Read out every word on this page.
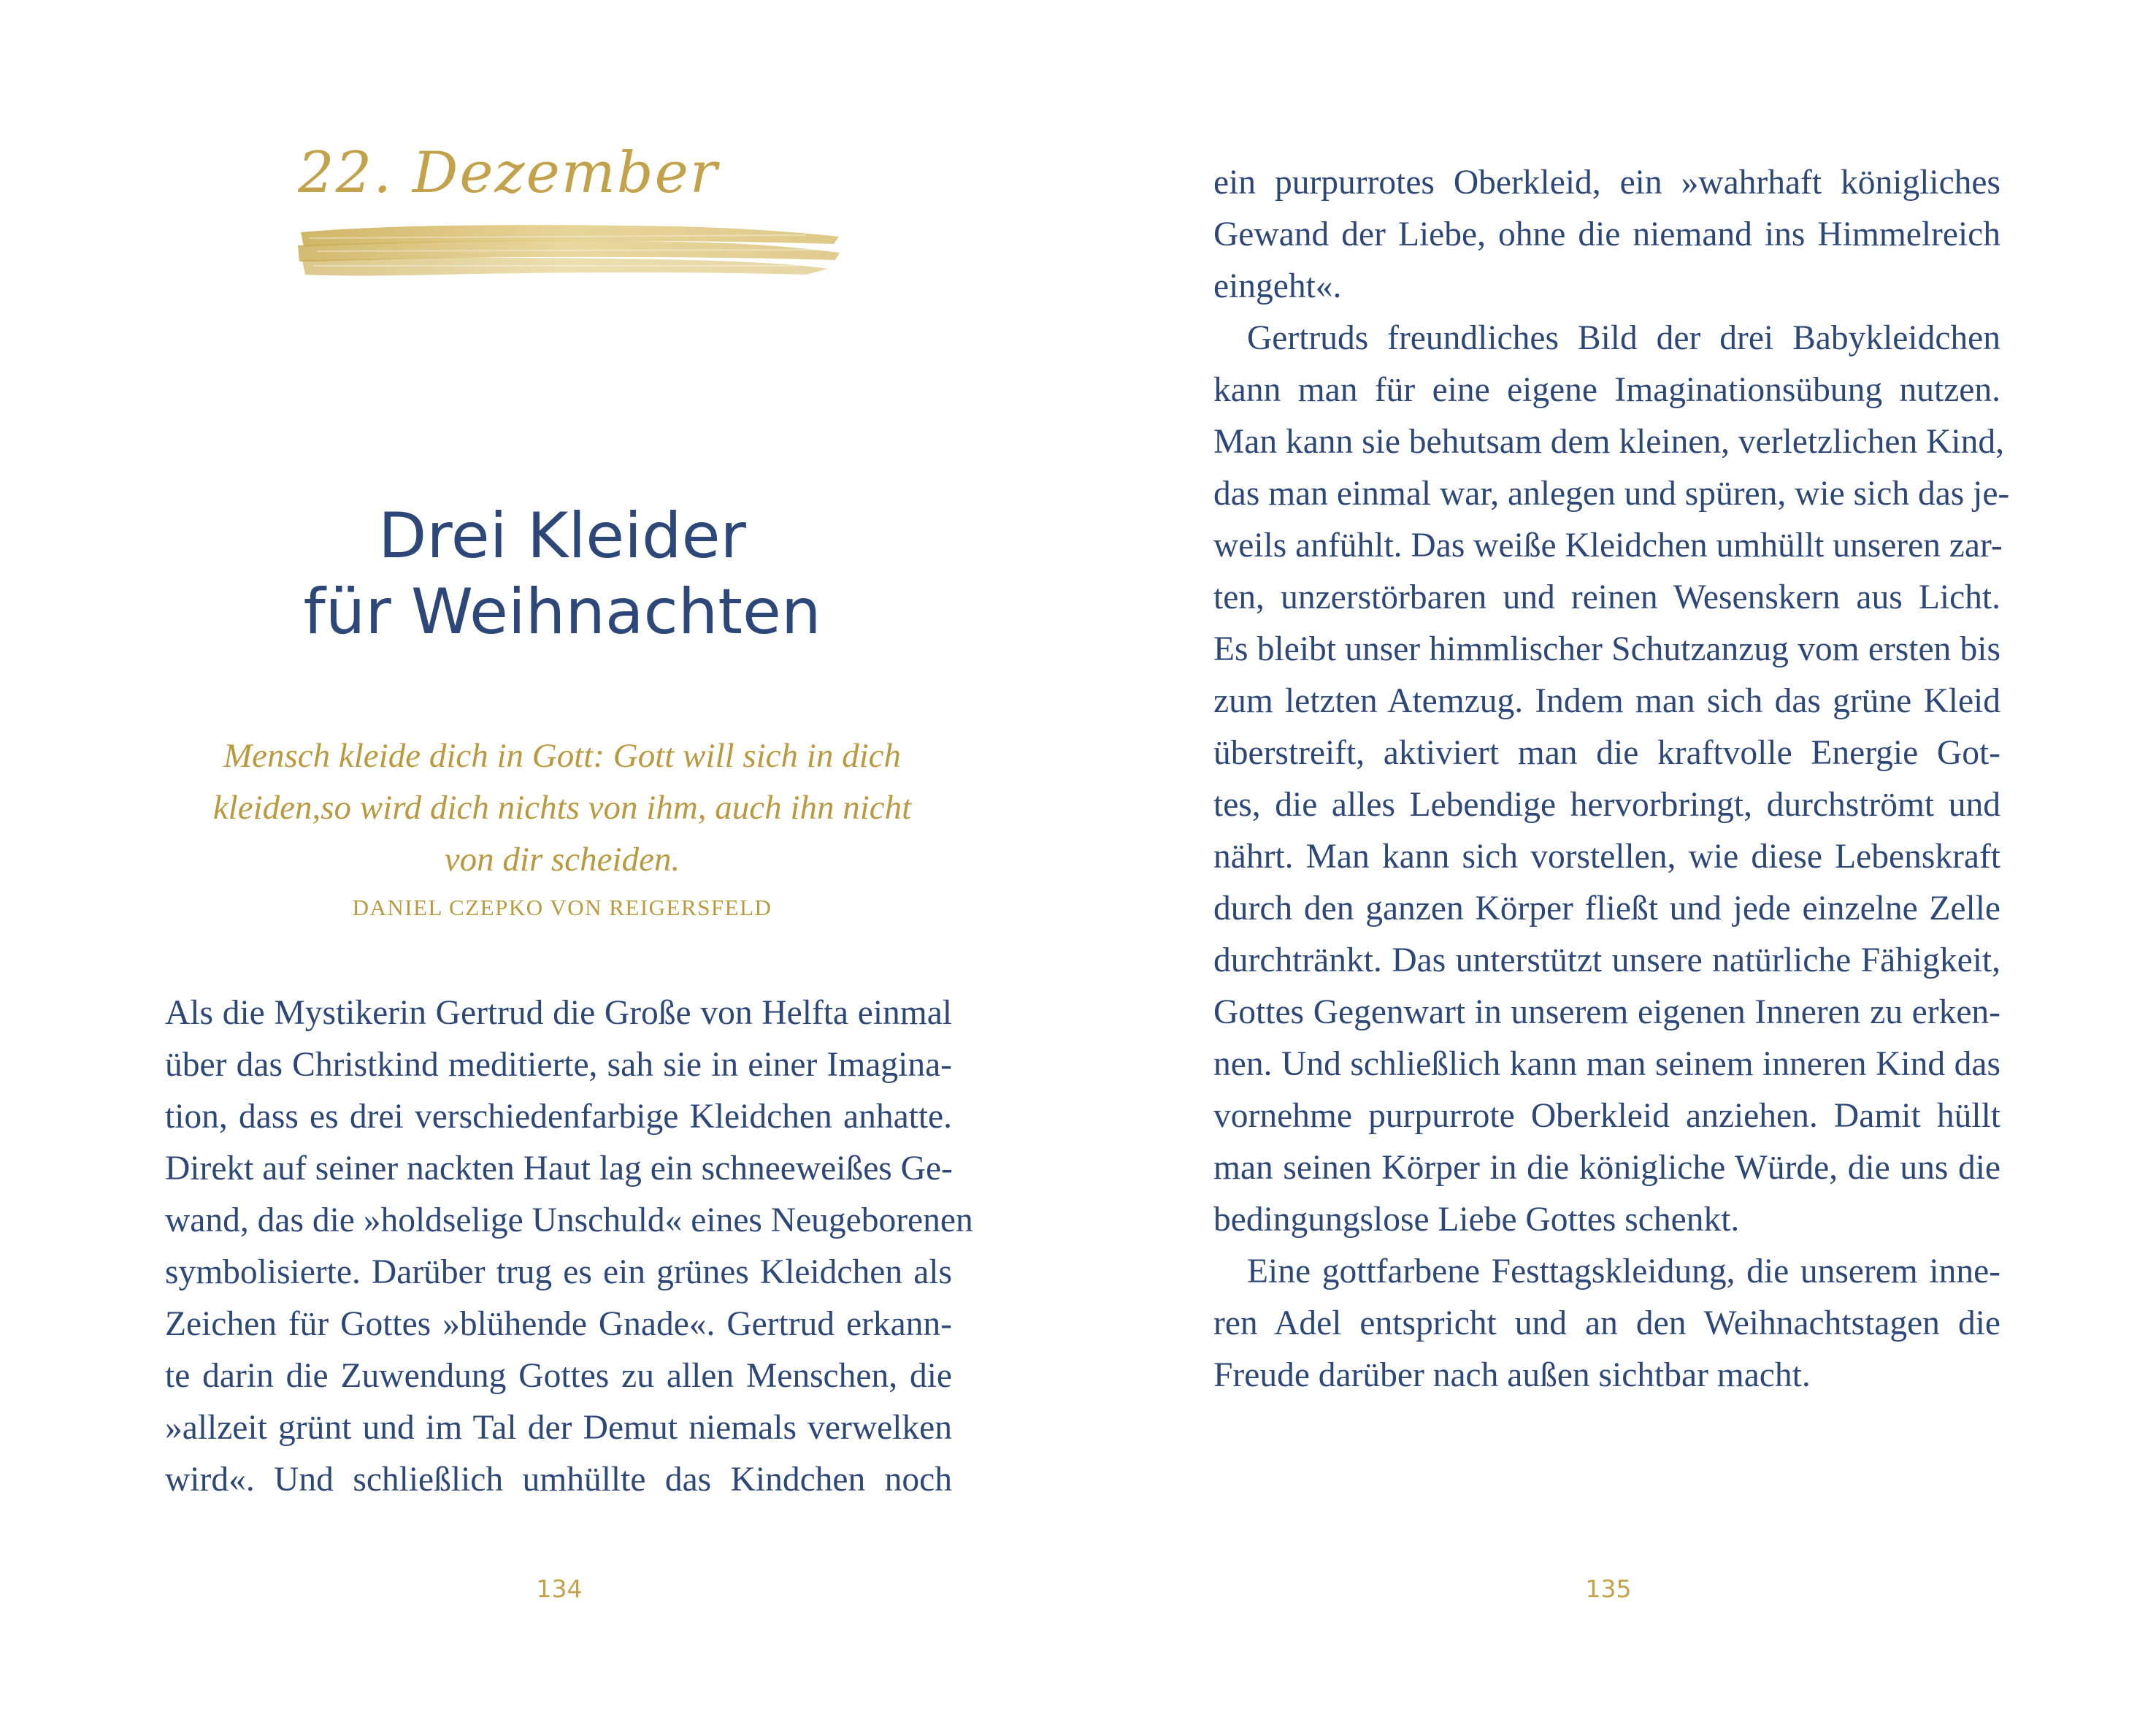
22. Dezember
Drei Kleider
für Weihnachten
Mensch kleide dich in Gott: Gott will sich in dich
kleiden,so wird dich nichts von ihm, auch ihn nicht
von dir scheiden.
DANIEL CZEPKO VON REIGERSFELD

Als die Mystikerin Gertrud die Große von Helfta einmal
über das Christkind meditierte, sah sie in einer Imagina-
tion, dass es drei verschiedenfarbige Kleidchen anhatte.
Direkt auf seiner nackten Haut lag ein schneeweißes Ge-
wand, das die »holdselige Unschuld« eines Neugeborenen
symbolisierte. Darüber trug es ein grünes Kleidchen als
Zeichen für Gottes »blühende Gnade«. Gertrud erkann-
te darin die Zuwendung Gottes zu allen Menschen, die
»allzeit grünt und im Tal der Demut niemals verwelken
wird«. Und schließlich umhüllte das Kindchen noch

134

ein purpurrotes Oberkleid, ein »wahrhaft königliches
Gewand der Liebe, ohne die niemand ins Himmelreich
eingeht«.
Gertruds freundliches Bild der drei Babykleidchen
kann man für eine eigene Imaginationsübung nutzen.
Man kann sie behutsam dem kleinen, verletzlichen Kind,
das man einmal war, anlegen und spüren, wie sich das je-
weils anfühlt. Das weiße Kleidchen umhüllt unseren zar-
ten, unzerstörbaren und reinen Wesenskern aus Licht.
Es bleibt unser himmlischer Schutzanzug vom ersten bis
zum letzten Atemzug. Indem man sich das grüne Kleid
überstreift, aktiviert man die kraftvolle Energie Got-
tes, die alles Lebendige hervorbringt, durchströmt und
nährt. Man kann sich vorstellen, wie diese Lebenskraft
durch den ganzen Körper fließt und jede einzelne Zelle
durchtränkt. Das unterstützt unsere natürliche Fähigkeit,
Gottes Gegenwart in unserem eigenen Inneren zu erken-
nen. Und schließlich kann man seinem inneren Kind das
vornehme purpurrote Oberkleid anziehen. Damit hüllt
man seinen Körper in die königliche Würde, die uns die
bedingungslose Liebe Gottes schenkt.
Eine gottfarbene Festtagskleidung, die unserem inne-
ren Adel entspricht und an den Weihnachtstagen die
Freude darüber nach außen sichtbar macht.

135
